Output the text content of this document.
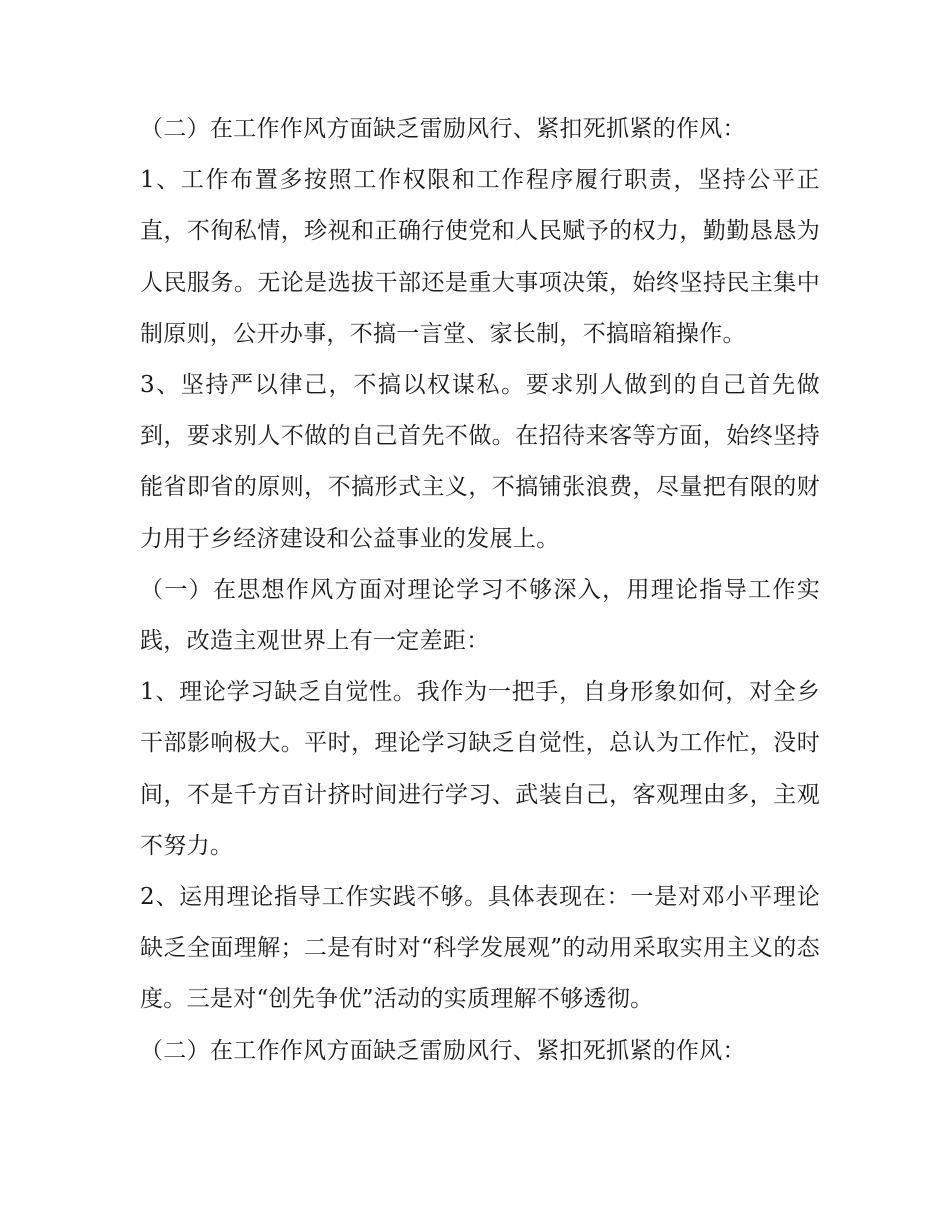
（二）在工作作风方面缺乏雷励风行、紧扣死抓紧的作风：

1、工作布置多按照工作权限和工作程序履行职责，坚持公平正直，不徇私情，珍视和正确行使党和人民赋予的权力，勤勤恳恳为人民服务。无论是选拔干部还是重大事项决策，始终坚持民主集中制原则，公开办事，不搞一言堂、家长制，不搞暗箱操作。

3、坚持严以律己，不搞以权谋私。要求别人做到的自己首先做到，要求别人不做的自己首先不做。在招待来客等方面，始终坚持能省即省的原则，不搞形式主义，不搞铺张浪费，尽量把有限的财力用于乡经济建设和公益事业的发展上。

（一）在思想作风方面对理论学习不够深入，用理论指导工作实践，改造主观世界上有一定差距：

1、理论学习缺乏自觉性。我作为一把手，自身形象如何，对全乡干部影响极大。平时，理论学习缺乏自觉性，总认为工作忙，没时间，不是千方百计挤时间进行学习、武装自己，客观理由多，主观不努力。

2、运用理论指导工作实践不够。具体表现在：一是对邓小平理论缺乏全面理解；二是有时对“科学发展观”的动用采取实用主义的态度。三是对“创先争优”活动的实质理解不够透彻。

（二）在工作作风方面缺乏雷励风行、紧扣死抓紧的作风：
